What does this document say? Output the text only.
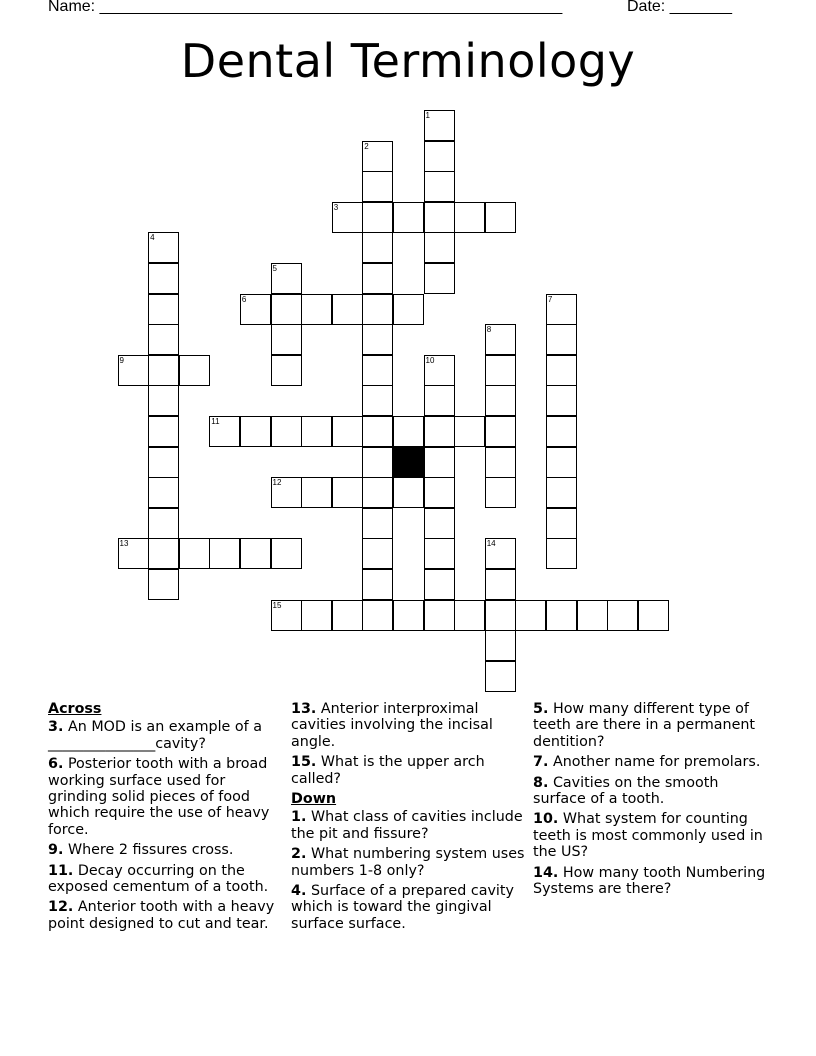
Name: ____________________________________________________	Date: _______
Dental Terminology
1
2
3
4
5
6	7
8
9	10
11
12
13	14
15

Across

3. An MOD is an example of a _______________cavity?

6. Posterior tooth with a broad working surface used for grinding solid pieces of food which require the use of heavy force.

9. Where 2 fissures cross.

11. Decay occurring on the exposed cementum of a tooth.

12. Anterior tooth with a heavy point designed to cut and tear.

13. Anterior interproximal cavities involving the incisal angle.

15. What is the upper arch called?

Down

1. What class of cavities include the pit and fissure?

2. What numbering system uses numbers 1-8 only?

4. Surface of a prepared cavity which is toward the gingival surface surface.

5. How many different type of teeth are there in a permanent dentition?

7. Another name for premolars.

8. Cavities on the smooth surface of a tooth.

10. What system for counting teeth is most commonly used in the US?

14. How many tooth Numbering Systems are there?
